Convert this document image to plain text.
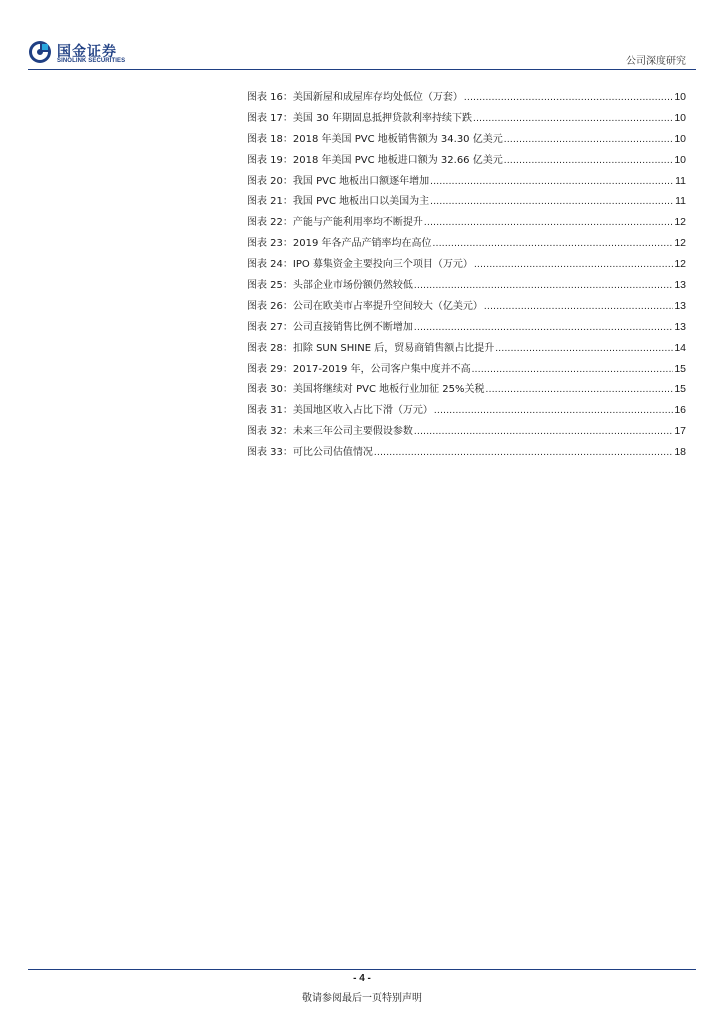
国金证券
SINOLINK SECURITIES	公司深度研究
图表 16：美国新屋和成屋库存均处低位（万套） .....	10
图表 17：美国 30 年期固息抵押贷款利率持续下跌 .....	10
图表 18：2018 年美国 PVC 地板销售额为 34.30 亿美元 .....	10
图表 19：2018 年美国 PVC 地板进口额为 32.66 亿美元 .....	10
图表 20：我国 PVC 地板出口额逐年增加 .....	11
图表 21：我国 PVC 地板出口以美国为主 .....	11
图表 22：产能与产能利用率均不断提升 .....	12
图表 23：2019 年各产品产销率均在高位 .....	12
图表 24：IPO 募集资金主要投向三个项目（万元） .....	12
图表 25：头部企业市场份额仍然较低 .....	13
图表 26：公司在欧美市占率提升空间较大（亿美元） .....	13
图表 27：公司直接销售比例不断增加 .....	13
图表 28：扣除 SUN SHINE 后，贸易商销售额占比提升 .....	14
图表 29：2017-2019 年，公司客户集中度并不高 .....	15
图表 30：美国将继续对 PVC 地板行业加征 25%关税 .....	15
图表 31：美国地区收入占比下滑（万元） .....	16
图表 32：未来三年公司主要假设参数 .....	17
图表 33：可比公司估值情况 .....	18
- 4 -
敬请参阅最后一页特别声明
